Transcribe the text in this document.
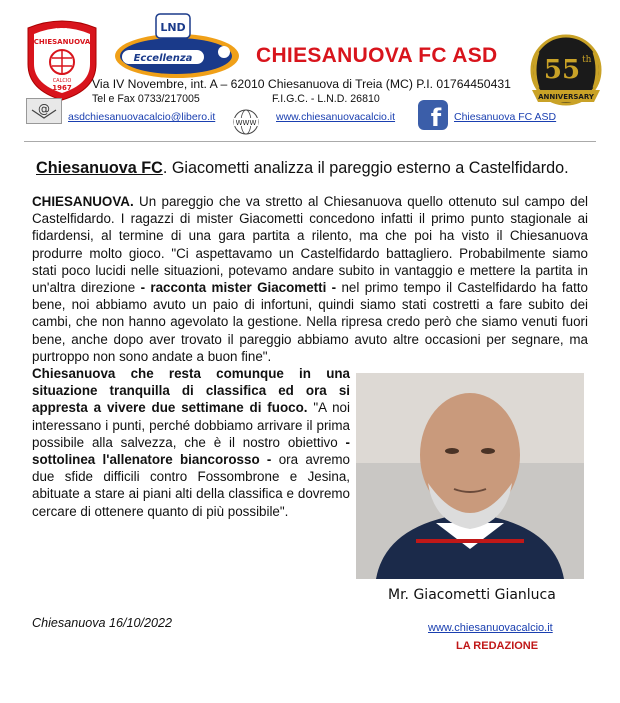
A.S.D.
CHIESANUOVA
CALCIO
1967
LND
Eccellenza	CHIESANUOVA FC ASD 55 th
ANNIVERSARY
Via IV Novembre, int. A – 62010 Chiesanuova di Treia (MC) P.I. 01764450431
Tel e Fax 0733/217005	F.I.G.C. - L.N.D. 26810
@
asdchiesanuovacalcio@libero.it	WWW www.chiesanuovacalcio.it f Chiesanuova FC ASD
Chiesanuova FC. Giacometti analizza il pareggio esterno a Castelfidardo.

CHIESANUOVA. Un pareggio che va stretto al Chiesanuova quello ottenuto sul campo del Castelfidardo. I ragazzi di mister Giacometti concedono infatti il primo punto stagionale ai fidardensi, al termine di una gara partita a rilento, ma che poi ha visto il Chiesanuova produrre molto gioco. "Ci aspettavamo un Castelfidardo battagliero. Probabilmente siamo stati poco lucidi nelle situazioni, potevamo andare subito in vantaggio e mettere la partita in un'altra direzione - racconta mister Giacometti - nel primo tempo il Castelfidardo ha fatto bene, noi abbiamo avuto un paio di infortuni, quindi siamo stati costretti a fare subito dei cambi, che non hanno agevolato la gestione. Nella ripresa credo però che siamo venuti fuori bene, anche dopo aver trovato il pareggio abbiamo avuto altre occasioni per segnare, ma purtroppo non sono andate a buon fine".

Chiesanuova che resta comunque in una situazione tranquilla di classifica ed ora si appresta a vivere due settimane di fuoco. "A noi interessano i punti, perché dobbiamo arrivare il prima possibile alla salvezza, che è il nostro obiettivo - sottolinea l'allenatore biancorosso - ora avremo due sfide difficili contro Fossombrone e Jesina, abituate a stare ai piani alti della classifica e dovremo cercare di ottenere quanto di più possibile".

Mr. Giacometti Gianluca
Chiesanuova 16/10/2022	www.chiesanuovacalcio.it
LA REDAZIONE
